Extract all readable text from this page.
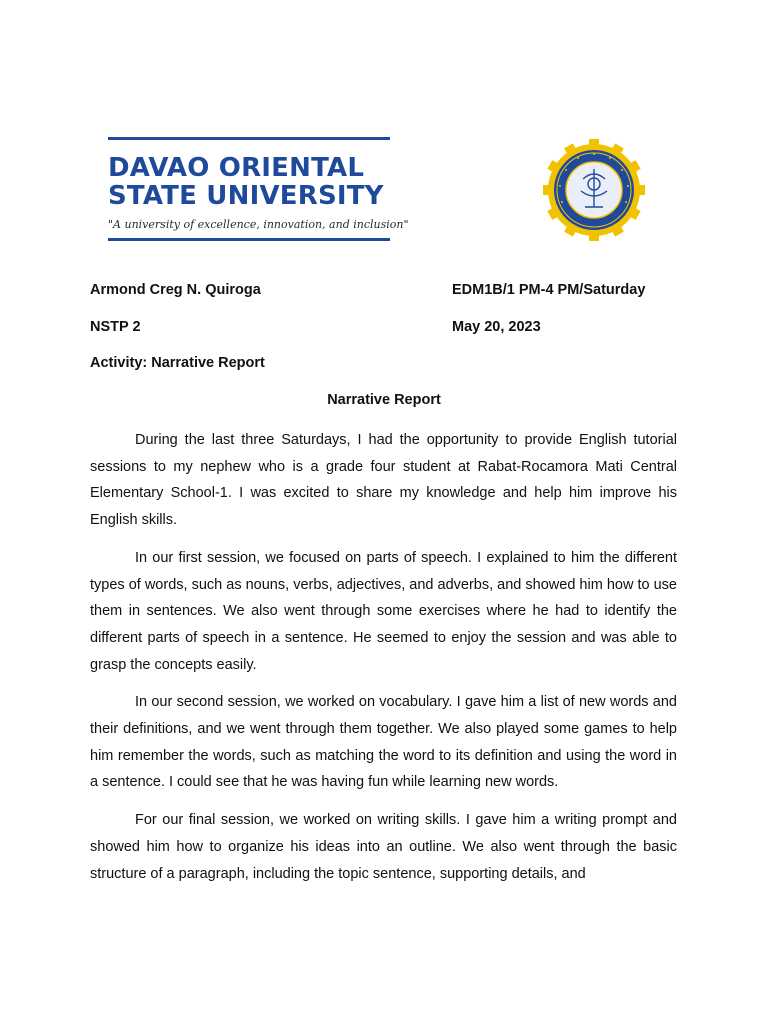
DAVAO ORIENTAL
STATE UNIVERSITY
"A university of excellence, innovation, and inclusion"
Armond Creg N. Quiroga	EDM1B/1 PM-4 PM/Saturday
NSTP 2	May 20, 2023
Activity: Narrative Report
Narrative Report

During the last three Saturdays, I had the opportunity to provide English tutorial sessions to my nephew who is a grade four student at Rabat-Rocamora Mati Central Elementary School-1. I was excited to share my knowledge and help him improve his English skills.

In our first session, we focused on parts of speech. I explained to him the different types of words, such as nouns, verbs, adjectives, and adverbs, and showed him how to use them in sentences. We also went through some exercises where he had to identify the different parts of speech in a sentence. He seemed to enjoy the session and was able to grasp the concepts easily.

In our second session, we worked on vocabulary. I gave him a list of new words and their definitions, and we went through them together. We also played some games to help him remember the words, such as matching the word to its definition and using the word in a sentence. I could see that he was having fun while learning new words.

For our final session, we worked on writing skills. I gave him a writing prompt and showed him how to organize his ideas into an outline. We also went through the basic structure of a paragraph, including the topic sentence, supporting details, and
